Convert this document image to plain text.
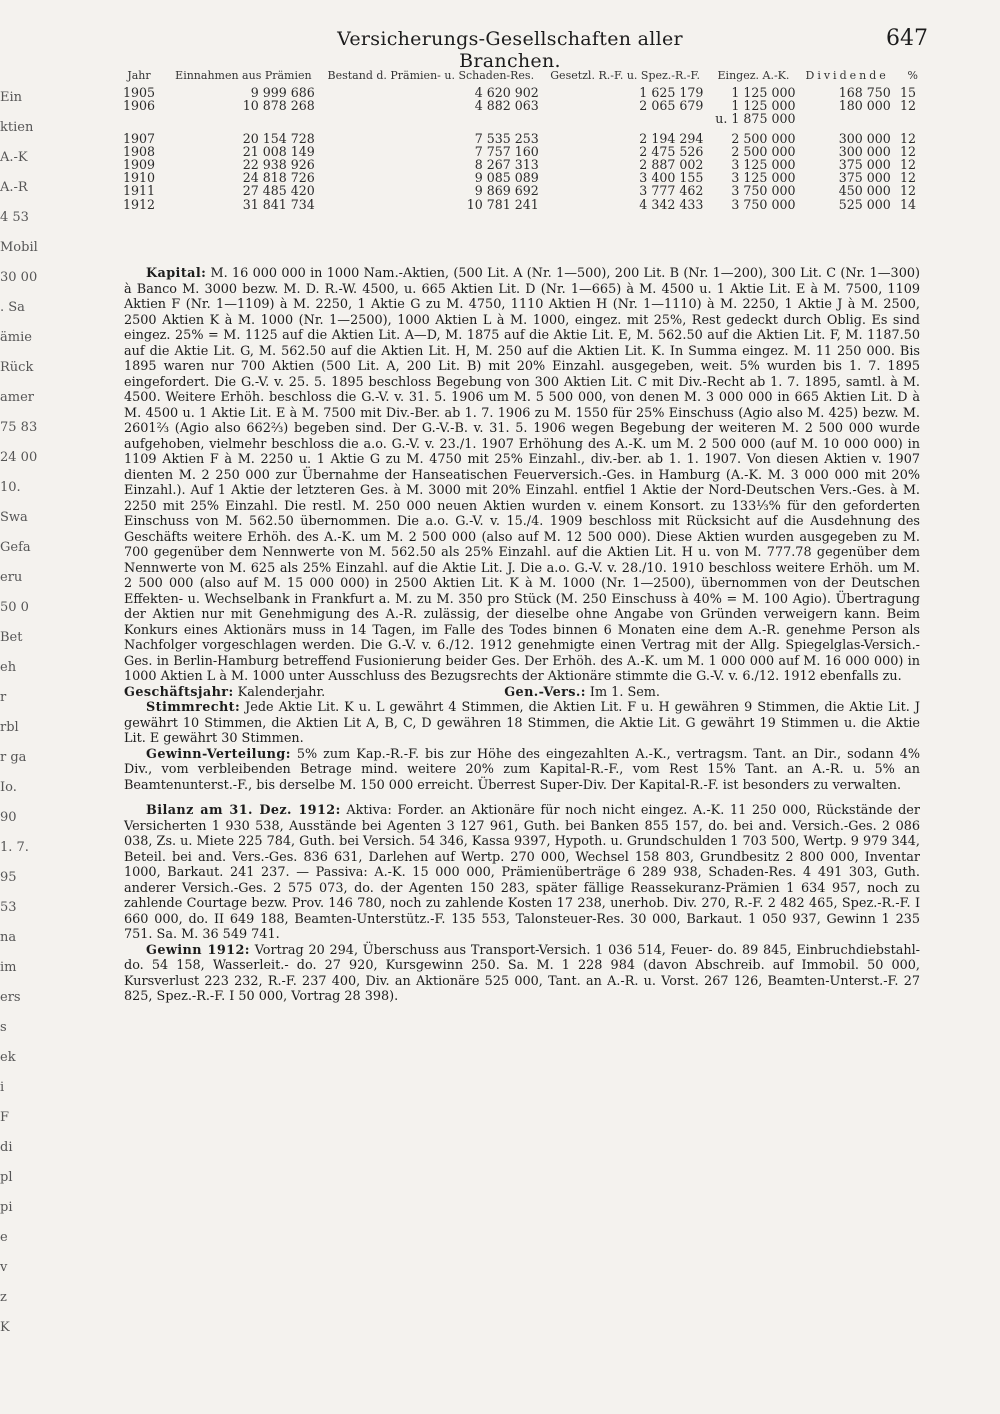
Versicherungs-Gesellschaften aller Branchen.
647
Ein
ktien
A.-K
A.-R
4 53
Mobil
30 00
. Sa
ämie
Rück
amer
75 83
24 00
10.
Swa
Gefa
eru
50 0
Bet
eh
r
rbl
r ga
Io.
90
1. 7.
95
53
na
im
ers
s
ek
i
F
di
pl
pi
e
v
z
K
Jahr	Einnahmen aus Prämien	Bestand d. Prämien- u. Schaden-Res.	Gesetzl. R.-F. u. Spez.-R.-F.	Eingez. A.-K.	Dividende	%
1905	9 999 686	4 620 902	1 625 179	1 125 000	168 750	15
1906	10 878 268	4 882 063	2 065 679	1 125 000	180 000	12
				u. 1 875 000		

1907	20 154 728	7 535 253	2 194 294	2 500 000	300 000	12
1908	21 008 149	7 757 160	2 475 526	2 500 000	300 000	12
1909	22 938 926	8 267 313	2 887 002	3 125 000	375 000	12
1910	24 818 726	9 085 089	3 400 155	3 125 000	375 000	12
1911	27 485 420	9 869 692	3 777 462	3 750 000	450 000	12
1912	31 841 734	10 781 241	4 342 433	3 750 000	525 000	14

Kapital: M. 16 000 000 in 1000 Nam.-Aktien, (500 Lit. A (Nr. 1—500), 200 Lit. B (Nr. 1—200), 300 Lit. C (Nr. 1—300) à Banco M. 3000 bezw. M. D. R.-W. 4500, u. 665 Aktien Lit. D (Nr. 1—665) à M. 4500 u. 1 Aktie Lit. E à M. 7500, 1109 Aktien F (Nr. 1—1109) à M. 2250, 1 Aktie G zu M. 4750, 1110 Aktien H (Nr. 1—1110) à M. 2250, 1 Aktie J à M. 2500, 2500 Aktien K à M. 1000 (Nr. 1—2500), 1000 Aktien L à M. 1000, eingez. mit 25%, Rest gedeckt durch Oblig. Es sind eingez. 25% = M. 1125 auf die Aktien Lit. A—D, M. 1875 auf die Aktie Lit. E, M. 562.50 auf die Aktien Lit. F, M. 1187.50 auf die Aktie Lit. G, M. 562.50 auf die Aktien Lit. H, M. 250 auf die Aktien Lit. K. In Summa eingez. M. 11 250 000. Bis 1895 waren nur 700 Aktien (500 Lit. A, 200 Lit. B) mit 20% Einzahl. ausgegeben, weit. 5% wurden bis 1. 7. 1895 eingefordert. Die G.-V. v. 25. 5. 1895 beschloss Begebung von 300 Aktien Lit. C mit Div.-Recht ab 1. 7. 1895, samtl. à M. 4500. Weitere Erhöh. beschloss die G.-V. v. 31. 5. 1906 um M. 5 500 000, von denen M. 3 000 000 in 665 Aktien Lit. D à M. 4500 u. 1 Aktie Lit. E à M. 7500 mit Div.-Ber. ab 1. 7. 1906 zu M. 1550 für 25% Einschuss (Agio also M. 425) bezw. M. 2601⅔ (Agio also 662⅔) begeben sind. Der G.-V.-B. v. 31. 5. 1906 wegen Begebung der weiteren M. 2 500 000 wurde aufgehoben, vielmehr beschloss die a.o. G.-V. v. 23./1. 1907 Erhöhung des A.-K. um M. 2 500 000 (auf M. 10 000 000) in 1109 Aktien F à M. 2250 u. 1 Aktie G zu M. 4750 mit 25% Einzahl., div.-ber. ab 1. 1. 1907. Von diesen Aktien v. 1907 dienten M. 2 250 000 zur Übernahme der Hanseatischen Feuerversich.-Ges. in Hamburg (A.-K. M. 3 000 000 mit 20% Einzahl.). Auf 1 Aktie der letzteren Ges. à M. 3000 mit 20% Einzahl. entfiel 1 Aktie der Nord-Deutschen Vers.-Ges. à M. 2250 mit 25% Einzahl. Die restl. M. 250 000 neuen Aktien wurden v. einem Konsort. zu 133⅓% für den geforderten Einschuss von M. 562.50 übernommen. Die a.o. G.-V. v. 15./4. 1909 beschloss mit Rücksicht auf die Ausdehnung des Geschäfts weitere Erhöh. des A.-K. um M. 2 500 000 (also auf M. 12 500 000). Diese Aktien wurden ausgegeben zu M. 700 gegenüber dem Nennwerte von M. 562.50 als 25% Einzahl. auf die Aktien Lit. H u. von M. 777.78 gegenüber dem Nennwerte von M. 625 als 25% Einzahl. auf die Aktie Lit. J. Die a.o. G.-V. v. 28./10. 1910 beschloss weitere Erhöh. um M. 2 500 000 (also auf M. 15 000 000) in 2500 Aktien Lit. K à M. 1000 (Nr. 1—2500), übernommen von der Deutschen Effekten- u. Wechselbank in Frankfurt a. M. zu M. 350 pro Stück (M. 250 Einschuss à 40% = M. 100 Agio). Übertragung der Aktien nur mit Genehmigung des A.-R. zulässig, der dieselbe ohne Angabe von Gründen verweigern kann. Beim Konkurs eines Aktionärs muss in 14 Tagen, im Falle des Todes binnen 6 Monaten eine dem A.-R. genehme Person als Nachfolger vorgeschlagen werden. Die G.-V. v. 6./12. 1912 genehmigte einen Vertrag mit der Allg. Spiegelglas-Versich.-Ges. in Berlin-Hamburg betreffend Fusionierung beider Ges. Der Erhöh. des A.-K. um M. 1 000 000 auf M. 16 000 000) in 1000 Aktien L à M. 1000 unter Ausschluss des Bezugsrechts der Aktionäre stimmte die G.-V. v. 6./12. 1912 ebenfalls zu.

Geschäftsjahr: Kalenderjahr.	Gen.-Vers.: Im 1. Sem.

Stimmrecht: Jede Aktie Lit. K u. L gewährt 4 Stimmen, die Aktien Lit. F u. H gewähren 9 Stimmen, die Aktie Lit. J gewährt 10 Stimmen, die Aktien Lit A, B, C, D gewähren 18 Stimmen, die Aktie Lit. G gewährt 19 Stimmen u. die Aktie Lit. E gewährt 30 Stimmen.

Gewinn-Verteilung: 5% zum Kap.-R.-F. bis zur Höhe des eingezahlten A.-K., vertragsm. Tant. an Dir., sodann 4% Div., vom verbleibenden Betrage mind. weitere 20% zum Kapital-R.-F., vom Rest 15% Tant. an A.-R. u. 5% an Beamtenunterst.-F., bis derselbe M. 150 000 erreicht. Überrest Super-Div. Der Kapital-R.-F. ist besonders zu verwalten.

Bilanz am 31. Dez. 1912: Aktiva: Forder. an Aktionäre für noch nicht eingez. A.-K. 11 250 000, Rückstände der Versicherten 1 930 538, Ausstände bei Agenten 3 127 961, Guth. bei Banken 855 157, do. bei and. Versich.-Ges. 2 086 038, Zs. u. Miete 225 784, Guth. bei Versich. 54 346, Kassa 9397, Hypoth. u. Grundschulden 1 703 500, Wertp. 9 979 344, Beteil. bei and. Vers.-Ges. 836 631, Darlehen auf Wertp. 270 000, Wechsel 158 803, Grundbesitz 2 800 000, Inventar 1000, Barkaut. 241 237. — Passiva: A.-K. 15 000 000, Prämienüberträge 6 289 938, Schaden-Res. 4 491 303, Guth. anderer Versich.-Ges. 2 575 073, do. der Agenten 150 283, später fällige Reassekuranz-Prämien 1 634 957, noch zu zahlende Courtage bezw. Prov. 146 780, noch zu zahlende Kosten 17 238, unerhob. Div. 270, R.-F. 2 482 465, Spez.-R.-F. I 660 000, do. II 649 188, Beamten-Unterstütz.-F. 135 553, Talonsteuer-Res. 30 000, Barkaut. 1 050 937, Gewinn 1 235 751. Sa. M. 36 549 741.

Gewinn 1912: Vortrag 20 294, Überschuss aus Transport-Versich. 1 036 514, Feuer- do. 89 845, Einbruchdiebstahl- do. 54 158, Wasserleit.- do. 27 920, Kursgewinn 250. Sa. M. 1 228 984 (davon Abschreib. auf Immobil. 50 000, Kursverlust 223 232, R.-F. 237 400, Div. an Aktionäre 525 000, Tant. an A.-R. u. Vorst. 267 126, Beamten-Unterst.-F. 27 825, Spez.-R.-F. I 50 000, Vortrag 28 398).
